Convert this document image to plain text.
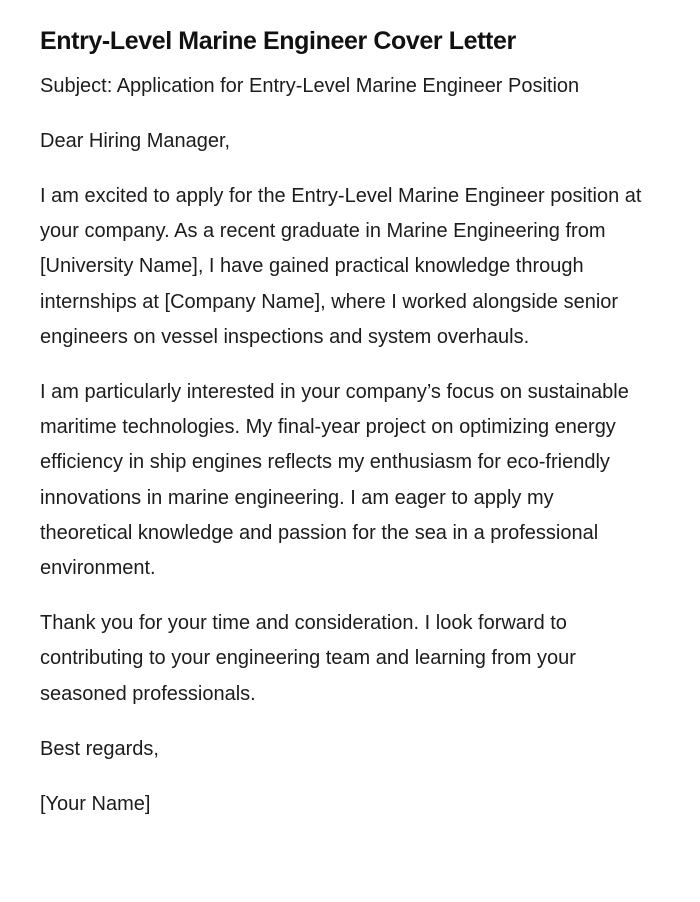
Entry-Level Marine Engineer Cover Letter

Subject: Application for Entry-Level Marine Engineer Position

Dear Hiring Manager,

I am excited to apply for the Entry-Level Marine Engineer position at your company. As a recent graduate in Marine Engineering from [University Name], I have gained practical knowledge through internships at [Company Name], where I worked alongside senior engineers on vessel inspections and system overhauls.

I am particularly interested in your company’s focus on sustainable maritime technologies. My final-year project on optimizing energy efficiency in ship engines reflects my enthusiasm for eco-friendly innovations in marine engineering. I am eager to apply my theoretical knowledge and passion for the sea in a professional environment.

Thank you for your time and consideration. I look forward to contributing to your engineering team and learning from your seasoned professionals.

Best regards,

[Your Name]
